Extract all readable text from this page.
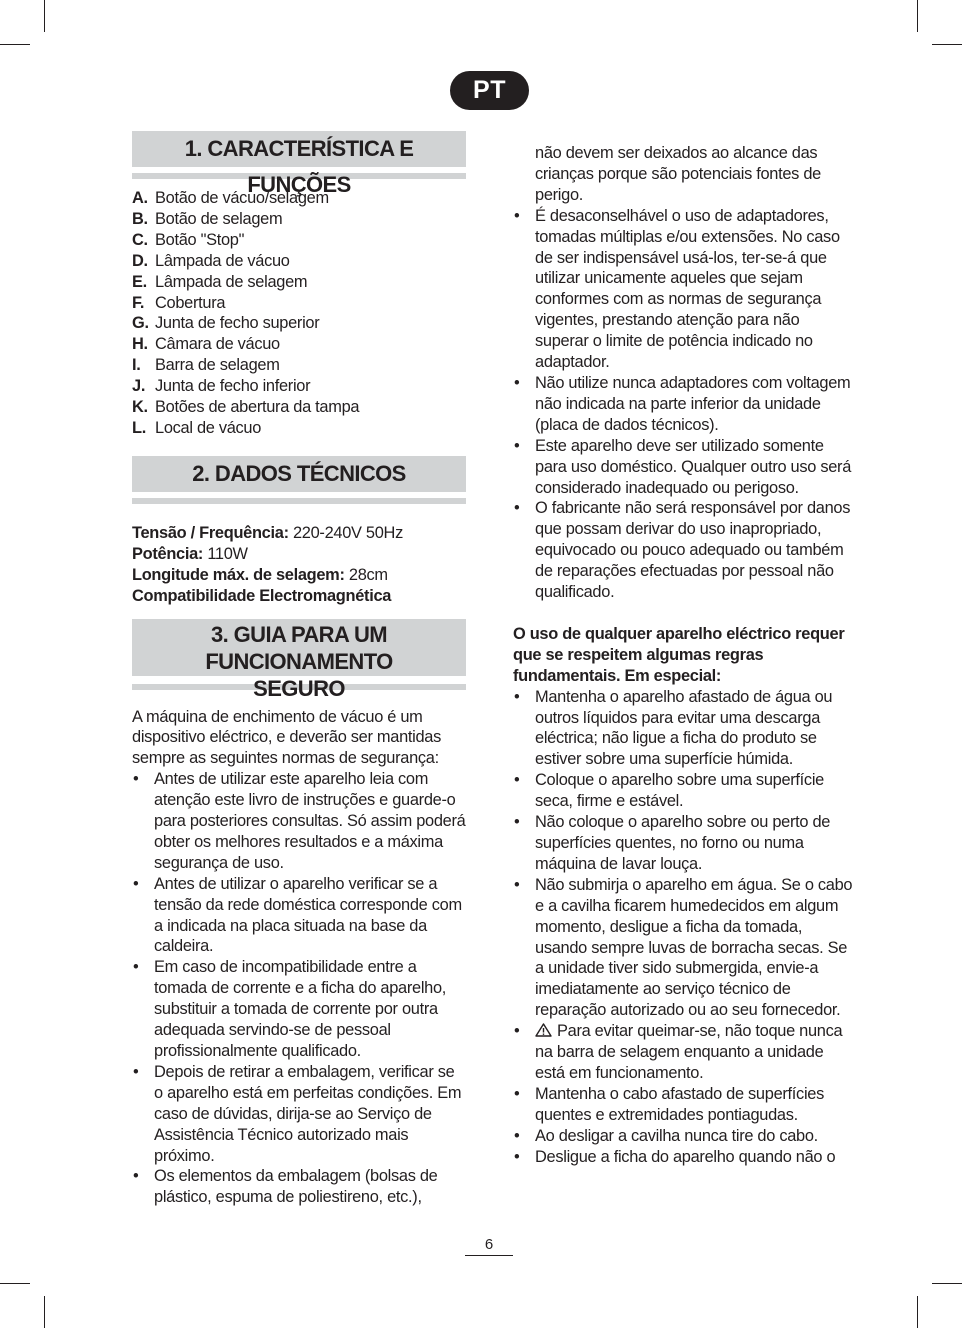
PT
1. CARACTERÍSTICA E FUNÇÕES
A. Botão de vácuo/selagem
B. Botão de selagem
C. Botão "Stop"
D. Lâmpada de vácuo
E. Lâmpada de selagem
F. Cobertura
G. Junta de fecho superior
H. Câmara de vácuo
I. Barra de selagem
J. Junta de fecho inferior
K. Botões de abertura da tampa
L. Local de vácuo
2. DADOS TÉCNICOS
Tensão / Frequência: 220-240V 50Hz
Potência: 110W
Longitude máx. de selagem: 28cm
Compatibilidade Electromagnética
3. GUIA PARA UM FUNCIONAMENTO
SEGURO
A máquina de enchimento de vácuo é um dispositivo eléctrico, e deverão ser mantidas sempre as seguintes normas de segurança:
• Antes de utilizar este aparelho leia com atenção este livro de instruções e guarde-o para posteriores consultas. Só assim poderá obter os melhores resultados e a máxima segurança de uso.
• Antes de utilizar o aparelho verificar se a tensão da rede doméstica corresponde com a indicada na placa situada na base da caldeira.
• Em caso de incompatibilidade entre a tomada de corrente e a ficha do aparelho, substituir a tomada de corrente por outra adequada servindo-se de pessoal profissionalmente qualificado.
• Depois de retirar a embalagem, verificar se o aparelho está em perfeitas condições. Em caso de dúvidas, dirija-se ao Serviço de Assistência Técnico autorizado mais próximo.
• Os elementos da embalagem (bolsas de plástico, espuma de poliestireno, etc.),
não devem ser deixados ao alcance das crianças porque são potenciais fontes de perigo.
• É desaconselhável o uso de adaptadores, tomadas múltiplas e/ou extensões. No caso de ser indispensável usá-los, ter-se-á que utilizar unicamente aqueles que sejam conformes com as normas de segurança vigentes, prestando atenção para não superar o limite de potência indicado no adaptador.
• Não utilize nunca adaptadores com voltagem não indicada na parte inferior da unidade (placa de dados técnicos).
• Este aparelho deve ser utilizado somente para uso doméstico. Qualquer outro uso será considerado inadequado ou perigoso.
• O fabricante não será responsável por danos que possam derivar do uso inapropriado, equivocado ou pouco adequado ou também de reparações efectuadas por pessoal não qualificado.
O uso de qualquer aparelho eléctrico requer que se respeitem algumas regras fundamentais. Em especial:
• Mantenha o aparelho afastado de água ou outros líquidos para evitar uma descarga eléctrica; não ligue a ficha do produto se estiver sobre uma superfície húmida.
• Coloque o aparelho sobre uma superfície seca, firme e estável.
• Não coloque o aparelho sobre ou perto de superfícies quentes, no forno ou numa máquina de lavar louça.
• Não submirja o aparelho em água. Se o cabo e a cavilha ficarem humedecidos em algum momento, desligue a ficha da tomada, usando sempre luvas de borracha secas. Se a unidade tiver sido submergida, envie-a imediatamente ao serviço técnico de reparação autorizado ou ao seu fornecedor.
• Para evitar queimar-se, não toque nunca na barra de selagem enquanto a unidade está em funcionamento.
• Mantenha o cabo afastado de superfícies quentes e extremidades pontiagudas.
• Ao desligar a cavilha nunca tire do cabo.
• Desligue a ficha do aparelho quando não o
6
